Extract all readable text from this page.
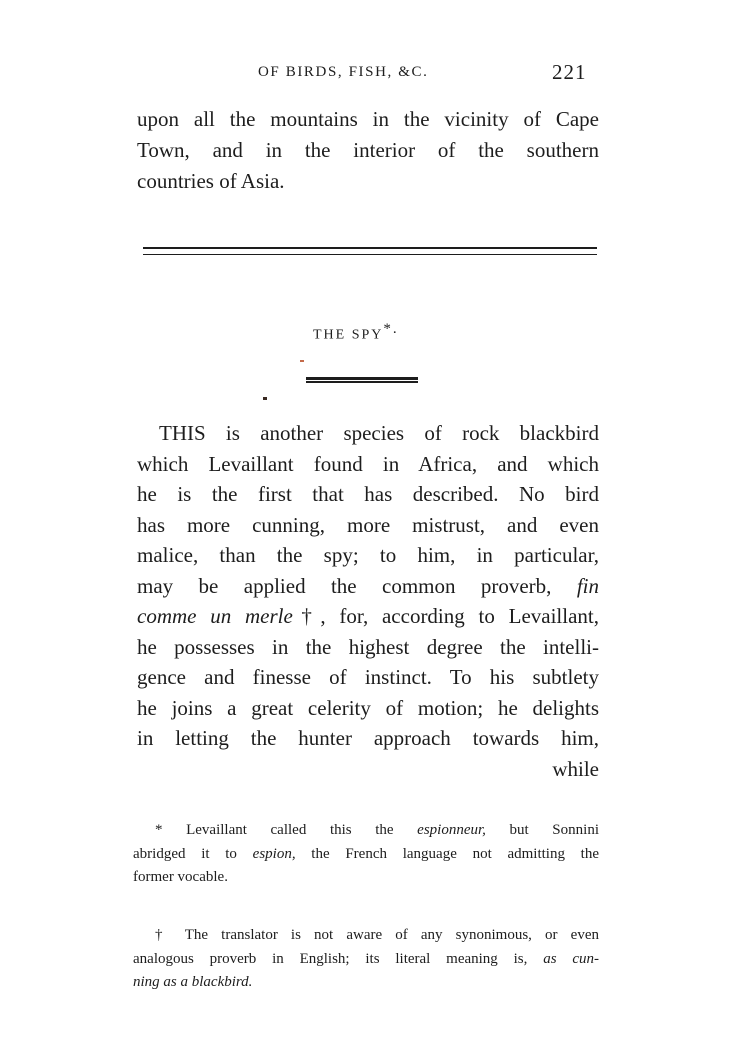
OF BIRDS, FISH, &C.	221
upon all the mountains in the vicinity of Cape
Town, and in the interior of the southern
countries of Asia.
THE SPY*.
THIS is another species of rock blackbird
which Levaillant found in Africa, and which
he is the first that has described. No bird
has more cunning, more mistrust, and even
malice, than the spy; to him, in particular,
may be applied the common proverb, fin
comme un merle†, for, according to Levaillant,
he possesses in the highest degree the intelli-
gence and finesse of instinct. To his subtlety
he joins a great celerity of motion; he delights
in letting the hunter approach towards him,
while
* Levaillant called this the espionneur, but Sonnini
abridged it to espion, the French language not admitting the
former vocable.
† The translator is not aware of any synonimous, or even
analogous proverb in English; its literal meaning is, as cun-
ning as a blackbird.
